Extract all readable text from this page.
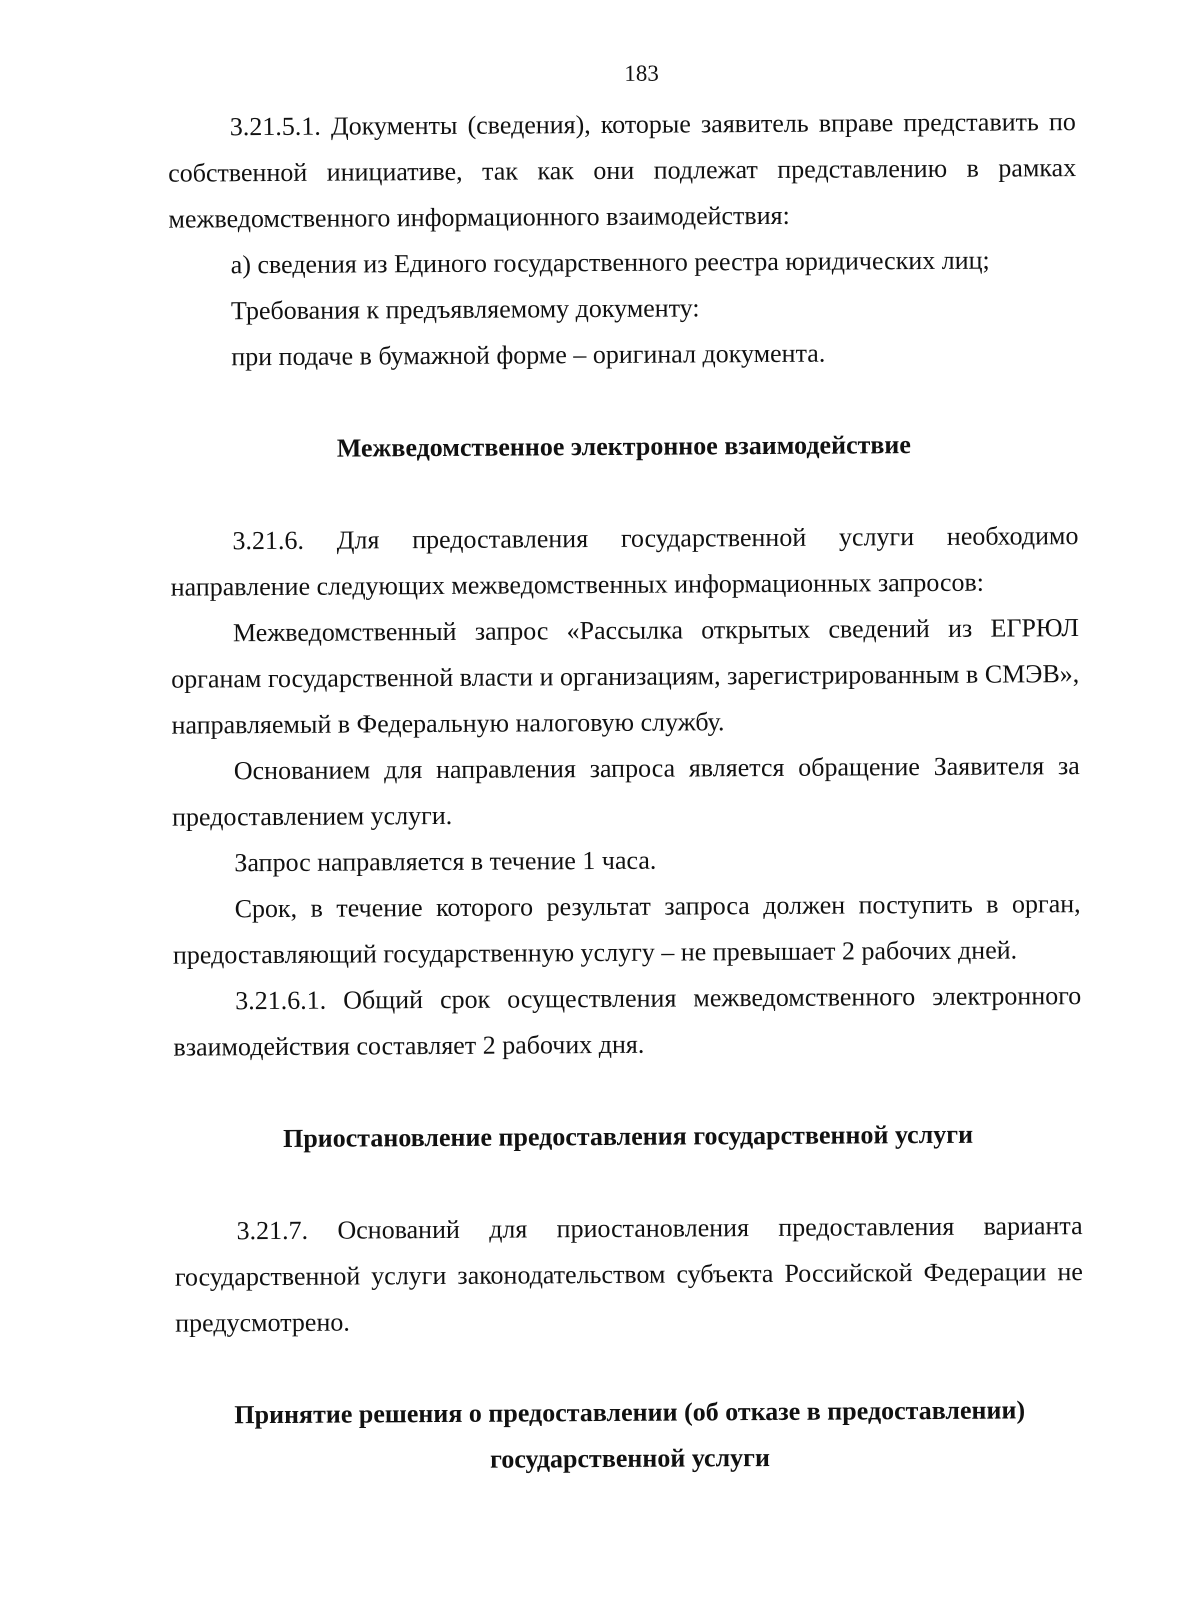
183

3.21.5.1. Документы (сведения), которые заявитель вправе представить по собственной инициативе, так как они подлежат представлению в рамках межведомственного информационного взаимодействия:

а) сведения из Единого государственного реестра юридических лиц;

Требования к предъявляемому документу:

при подаче в бумажной форме – оригинал документа.

Межведомственное электронное взаимодействие

3.21.6. Для предоставления государственной услуги необходимо направление следующих межведомственных информационных запросов:

Межведомственный запрос «Рассылка открытых сведений из ЕГРЮЛ органам государственной власти и организациям, зарегистрированным в СМЭВ», направляемый в Федеральную налоговую службу.

Основанием для направления запроса является обращение Заявителя за предоставлением услуги.

Запрос направляется в течение 1 часа.

Срок, в течение которого результат запроса должен поступить в орган, предоставляющий государственную услугу – не превышает 2 рабочих дней.

3.21.6.1. Общий срок осуществления межведомственного электронного взаимодействия составляет 2 рабочих дня.

Приостановление предоставления государственной услуги

3.21.7. Оснований для приостановления предоставления варианта государственной услуги законодательством субъекта Российской Федерации не предусмотрено.

Принятие решения о предоставлении (об отказе в предоставлении)
государственной услуги
